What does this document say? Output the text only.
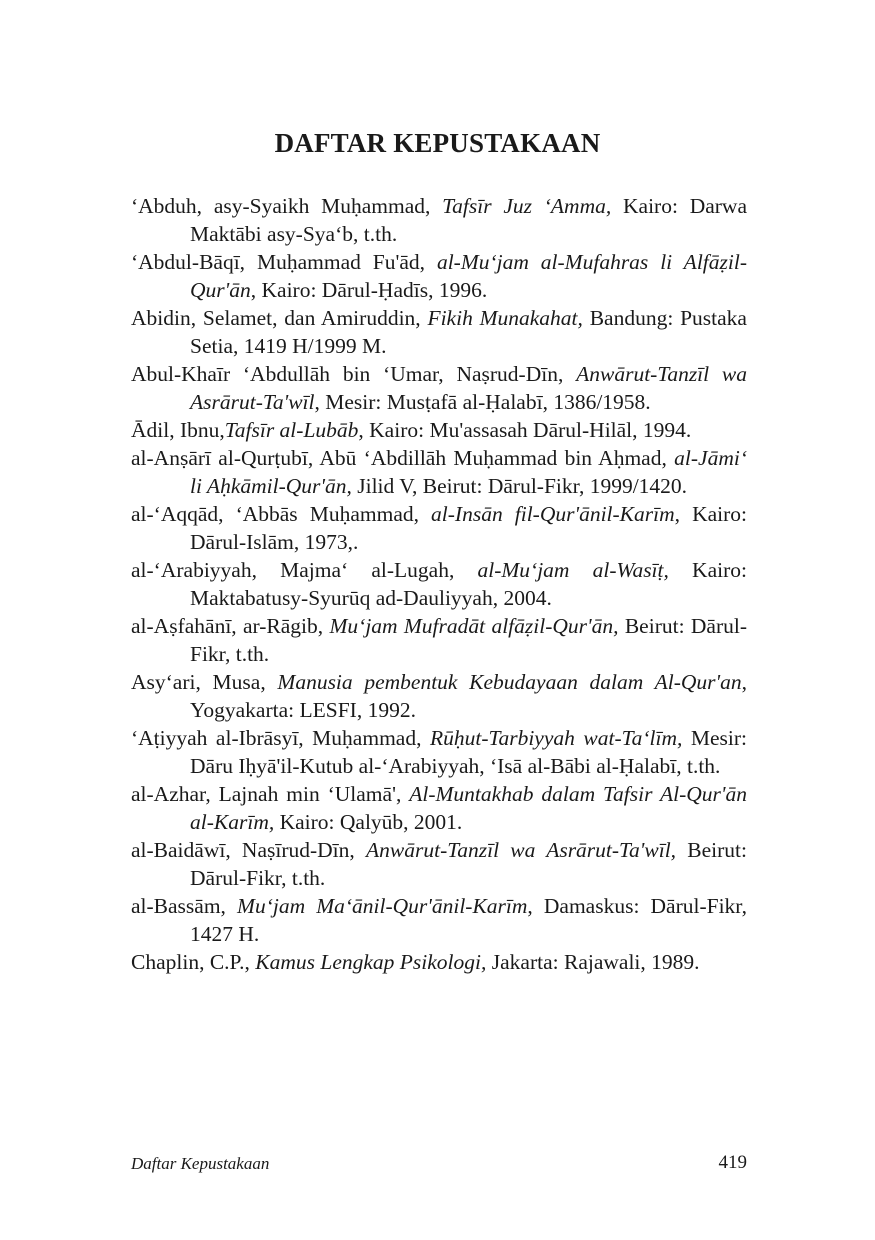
DAFTAR KEPUSTAKAAN

‘Abduh, asy-Syaikh Muḥammad, Tafsīr Juz ‘Amma, Kairo: Darwa Maktābi asy-Sya‘b, t.th.

‘Abdul-Bāqī, Muḥammad Fu'ād, al-Mu‘jam al-Mufahras li Alfāẓil-Qur'ān, Kairo: Dārul-Ḥadīs, 1996.

Abidin, Selamet, dan Amiruddin, Fikih Munakahat, Bandung: Pustaka Setia, 1419 H/1999 M.

Abul-Khaīr ‘Abdullāh bin ‘Umar, Naṣrud-Dīn, Anwārut-Tanzīl wa Asrārut-Ta'wīl, Mesir: Musṭafā al-Ḥalabī, 1386/1958.

Ādil, Ibnu,Tafsīr al-Lubāb, Kairo: Mu'assasah Dārul-Hilāl, 1994.

al-Anṣārī al-Qurṭubī, Abū ‘Abdillāh Muḥammad bin Aḥmad, al-Jāmi‘ li Aḥkāmil-Qur'ān, Jilid V, Beirut: Dārul-Fikr, 1999/1420.

al-‘Aqqād, ‘Abbās Muḥammad, al-Insān fil-Qur'ānil-Karīm, Kairo: Dārul-Islām, 1973,.

al-‘Arabiyyah, Majma‘ al-Lugah, al-Mu‘jam al-Wasīṭ, Kairo: Maktabatusy-Syurūq ad-Dauliyyah, 2004.

al-Aṣfahānī, ar-Rāgib, Mu‘jam Mufradāt alfāẓil-Qur'ān, Beirut: Dārul-Fikr, t.th.

Asy‘ari, Musa, Manusia pembentuk Kebudayaan dalam Al-Qur'an, Yogyakarta: LESFI, 1992.

‘Aṭiyyah al-Ibrāsyī, Muḥammad, Rūḥut-Tarbiyyah wat-Ta‘līm, Mesir: Dāru Iḥyā'il-Kutub al-‘Arabiyyah, ‘Isā al-Bābi al-Ḥalabī, t.th.

al-Azhar, Lajnah min ‘Ulamā', Al-Muntakhab dalam Tafsir Al-Qur'ān al-Karīm, Kairo: Qalyūb, 2001.

al-Baidāwī, Naṣīrud-Dīn, Anwārut-Tanzīl wa Asrārut-Ta'wīl, Beirut: Dārul-Fikr, t.th.

al-Bassām, Mu‘jam Ma‘ānil-Qur'ānil-Karīm, Damaskus: Dārul-Fikr, 1427 H.

Chaplin, C.P., Kamus Lengkap Psikologi, Jakarta: Rajawali, 1989.

Daftar Kepustakaan	419
